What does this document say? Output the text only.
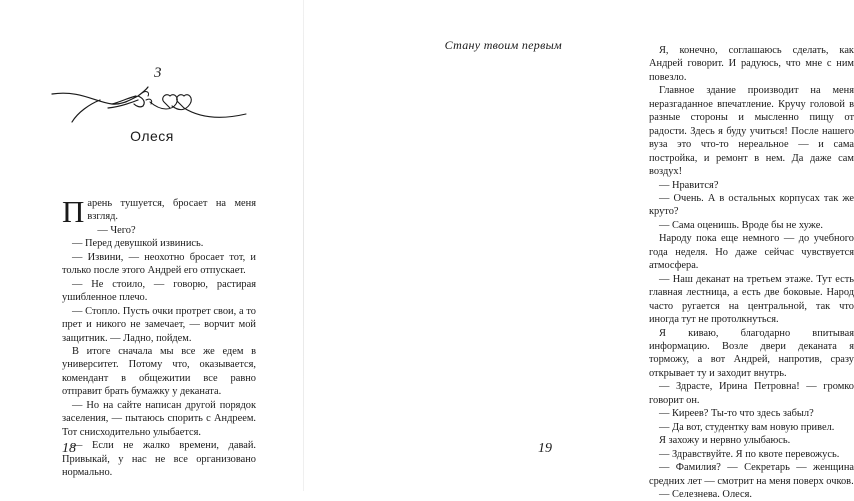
3
Олеся

Парень тушуется, бросает на меня взгляд.

— Чего?

— Перед девушкой извинись.

— Извини, — неохотно бросает тот, и только после этого Андрей его отпускает.

— Не стоило, — говорю, растирая ушибленное плечо.

— Стопло. Пусть очки протрет свои, а то прет и никого не замечает, — ворчит мой защитник. — Ладно, пойдем.

В итоге сначала мы все же едем в университет. Потому что, оказывается, комендант в общежитии все равно отправит брать бумажку у деканата.

— Но на сайте написан другой порядок заселения, — пытаюсь спорить с Андреем. Тот снисходительно улыбается.

— Если не жалко времени, давай. Привыкай, у нас не все организовано нормально.

18
Стану твоим первым	Я, конечно, соглашаюсь сделать, как Андрей говорит. И радуюсь, что мне с ним повезло.

Главное здание производит на меня неразгаданное впечатление. Кручу головой в разные стороны и мысленно пищу от радости. Здесь я буду учиться! После нашего вуза это что-то нереальное — и сама постройка, и ремонт в нем. Да даже сам воздух!

— Нравится?

— Очень. А в остальных корпусах так же круто?

— Сама оценишь. Вроде бы не хуже.

Народу пока еще немного — до учебного года неделя. Но даже сейчас чувствуется атмосфера.

— Наш деканат на третьем этаже. Тут есть главная лестница, а есть две боковые. Народ часто ругается на центральной, так что иногда тут не протолкнуться.

Я киваю, благодарно впитывая информацию. Возле двери деканата я торможу, а вот Андрей, напротив, сразу открывает ту и заходит внутрь.

— Здрасте, Ирина Петровна! — громко говорит он.

— Киреев? Ты-то что здесь забыл?

— Да вот, студентку вам новую привел.

Я захожу и нервно улыбаюсь.

— Здравствуйте. Я по квоте перевожусь.

— Фамилия? — Секретарь — женщина средних лет — смотрит на меня поверх очков.

— Селезнева. Олеся.

19
